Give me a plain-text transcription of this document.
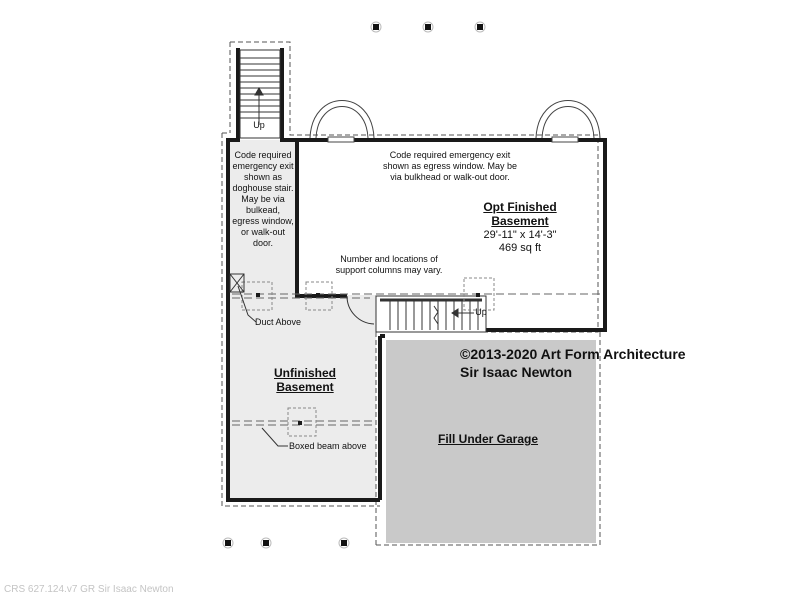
Up
Code required emergency exit shown as doghouse stair. May be via bulkead, egress window, or walk-out door.
Code required emergency exit shown as egress window. May be via bulkhead or walk-out door.
Number and locations of support columns may vary.
Duct Above
Boxed beam above
Up
Opt Finished Basement
29'-11" x 14'-3"
469 sq ft
Unfinished Basement
Fill Under Garage
©2013-2020 Art Form Architecture
Sir Isaac Newton
CRS 627.124.v7 GR Sir Isaac Newton
